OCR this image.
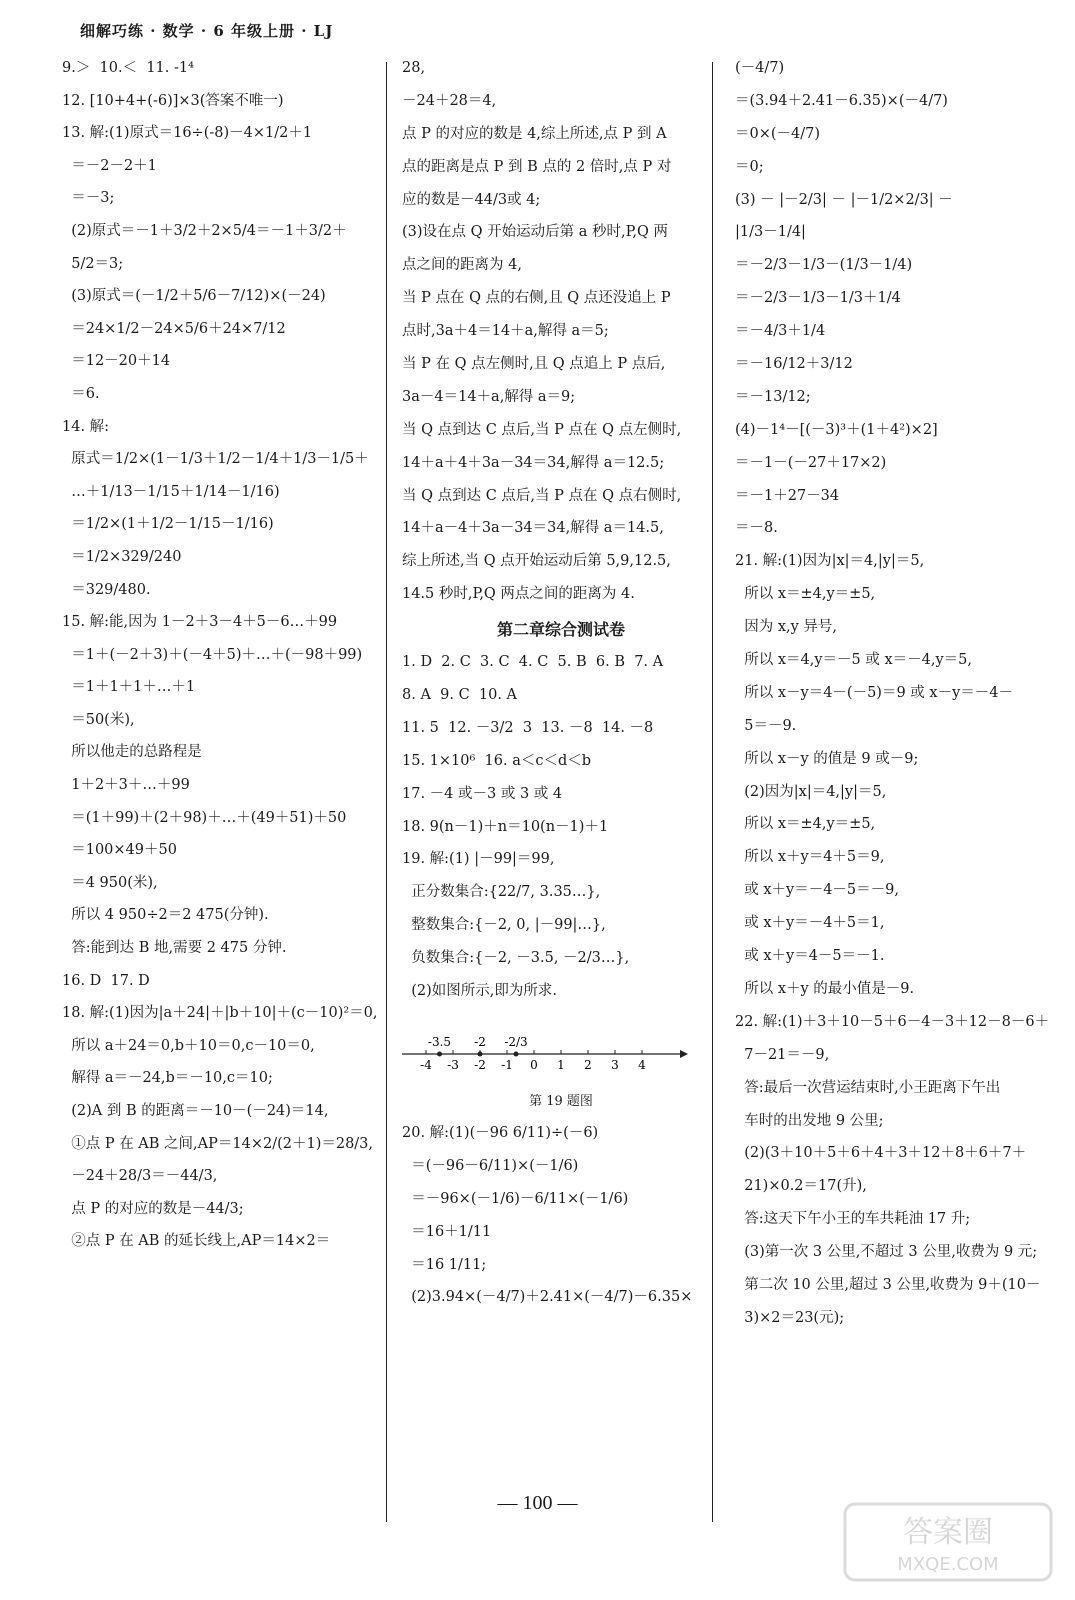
细解巧练 · 数学 · 6 年级上册 · LJ
9.＞  10.＜  11. -1⁴
12. [10+4+(-6)]×3(答案不唯一)
13. 解:(1)原式＝16÷(-8)－4×1/2＋1
＝－2－2＋1
＝－3;
(2)原式＝－1＋3/2＋2×5/4＝－1＋3/2＋
5/2＝3;
(3)原式＝(－1/2＋5/6－7/12)×(－24)
＝24×1/2－24×5/6＋24×7/12
＝12－20＋14
＝6.
14. 解:
原式＝1/2×(1－1/3＋1/2－1/4＋1/3－1/5＋
…＋1/13－1/15＋1/14－1/16)
＝1/2×(1＋1/2－1/15－1/16)
＝1/2×329/240
＝329/480.
15. 解:能,因为 1－2＋3－4＋5－6…＋99
＝1＋(－2＋3)＋(－4＋5)＋…＋(－98＋99)
＝1＋1＋1＋…＋1
＝50(米),
所以他走的总路程是
1＋2＋3＋…＋99
＝(1＋99)＋(2＋98)＋…＋(49＋51)＋50
＝100×49＋50
＝4 950(米),
所以 4 950÷2＝2 475(分钟).
答:能到达 B 地,需要 2 475 分钟.
16. D  17. D
18. 解:(1)因为|a＋24|＋|b＋10|＋(c－10)²＝0,
所以 a＋24＝0,b＋10＝0,c－10＝0,
解得 a＝－24,b＝－10,c＝10;
(2)A 到 B 的距离＝－10－(－24)＝14,
①点 P 在 AB 之间,AP＝14×2/(2＋1)＝28/3,
－24＋28/3＝－44/3,
点 P 的对应的数是－44/3;
②点 P 在 AB 的延长线上,AP＝14×2＝
28,
－24＋28＝4,
点 P 的对应的数是 4,综上所述,点 P 到 A
点的距离是点 P 到 B 点的 2 倍时,点 P 对
应的数是－44/3或 4;
(3)设在点 Q 开始运动后第 a 秒时,P,Q 两
点之间的距离为 4,
当 P 点在 Q 点的右侧,且 Q 点还没追上 P
点时,3a＋4＝14＋a,解得 a＝5;
当 P 在 Q 点左侧时,且 Q 点追上 P 点后,
3a－4＝14＋a,解得 a＝9;
当 Q 点到达 C 点后,当 P 点在 Q 点左侧时,
14＋a＋4＋3a－34＝34,解得 a＝12.5;
当 Q 点到达 C 点后,当 P 点在 Q 点右侧时,
14＋a－4＋3a－34＝34,解得 a＝14.5,
综上所述,当 Q 点开始运动后第 5,9,12.5,
14.5 秒时,P,Q 两点之间的距离为 4.
第二章综合测试卷
1. D  2. C  3. C  4. C  5. B  6. B  7. A
8. A  9. C  10. A
11. 5  12. －3/2  3  13. －8  14. －8
15. 1×10⁶  16. a＜c＜d＜b
17. －4 或－3 或 3 或 4
18. 9(n－1)＋n＝10(n－1)＋1
19. 解:(1) |－99|＝99,
正分数集合:{22/7, 3.35…},
整数集合:{－2, 0, |－99|…},
负数集合:{－2, －3.5, －2/3…},
(2)如图所示,即为所求.
-4 -3 -2 -1 0 1 2 3 4
-3.5 -2 -2/3
第 19 题图
20. 解:(1)(－96 6/11)÷(－6)
＝(－96－6/11)×(－1/6)
＝－96×(－1/6)－6/11×(－1/6)
＝16＋1/11
＝16 1/11;
(2)3.94×(－4/7)＋2.41×(－4/7)－6.35×
(－4/7)
＝(3.94＋2.41－6.35)×(－4/7)
＝0×(－4/7)
＝0;
(3) － |－2/3| － |－1/2×2/3| －
|1/3－1/4|
＝－2/3－1/3－(1/3－1/4)
＝－2/3－1/3－1/3＋1/4
＝－4/3＋1/4
＝－16/12＋3/12
＝－13/12;
(4)－1⁴－[(－3)³＋(1＋4²)×2]
＝－1－(－27＋17×2)
＝－1＋27－34
＝－8.
21. 解:(1)因为|x|＝4,|y|＝5,
所以 x＝±4,y＝±5,
因为 x,y 异号,
所以 x＝4,y＝－5 或 x＝－4,y＝5,
所以 x－y＝4－(－5)＝9 或 x－y＝－4－
5＝－9.
所以 x－y 的值是 9 或－9;
(2)因为|x|＝4,|y|＝5,
所以 x＝±4,y＝±5,
所以 x＋y＝4＋5＝9,
或 x＋y＝－4－5＝－9,
或 x＋y＝－4＋5＝1,
或 x＋y＝4－5＝－1.
所以 x＋y 的最小值是－9.
22. 解:(1)＋3＋10－5＋6－4－3＋12－8－6＋
7－21＝－9,
答:最后一次营运结束时,小王距离下午出
车时的出发地 9 公里;
(2)(3＋10＋5＋6＋4＋3＋12＋8＋6＋7＋
21)×0.2＝17(升),
答:这天下午小王的车共耗油 17 升;
(3)第一次 3 公里,不超过 3 公里,收费为 9 元;
第二次 10 公里,超过 3 公里,收费为 9＋(10－
3)×2＝23(元);
— 100 —
答案圈
MXQE.COM
